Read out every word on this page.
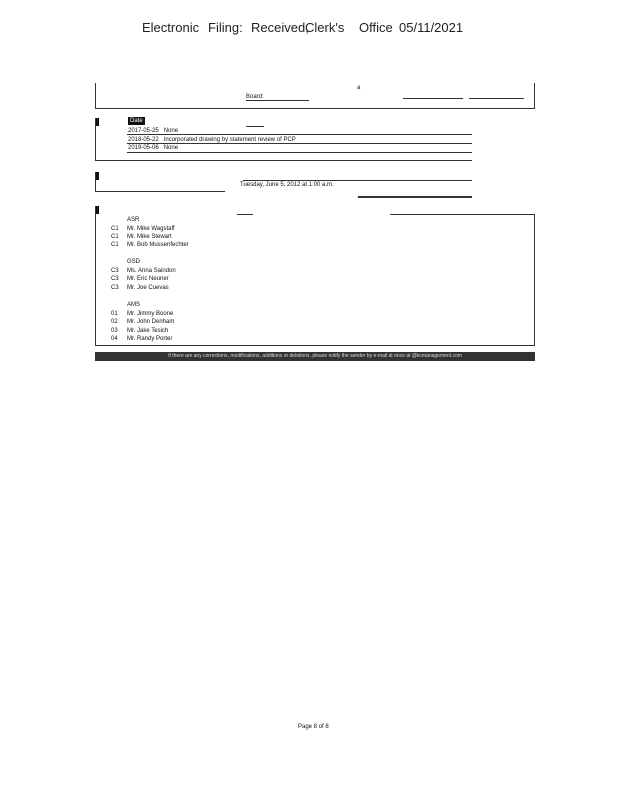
Electronic Filing: Received,
Clerk's Office 05/11/2021
a
Board:
Date
2017-05-25 None
2018-05-22 Incorporated drawing by statement review of PCP
2019-05-06 None
Tuesday, June 5, 2012 at 1:00 a.m.
ASR
C1 Mr. Mike Wagstaff
C1 Mr. Mike Stewart
C1 Mr. Bob Mussenfechter
GSD
C3 Ms. Anna Saindon
C3 Mr. Eric Neuner
C3 Mr. Joe Cuevas
AMS
01 Mr. Jimmy Boone
02 Mr. John Denham
03 Mr. Jake Tesich
04 Mr. Randy Porter
If there are any corrections, modifications, additions or deletions, please notify the sender by e-mail at once at @kcmanagement.com
Page 8 of 8
